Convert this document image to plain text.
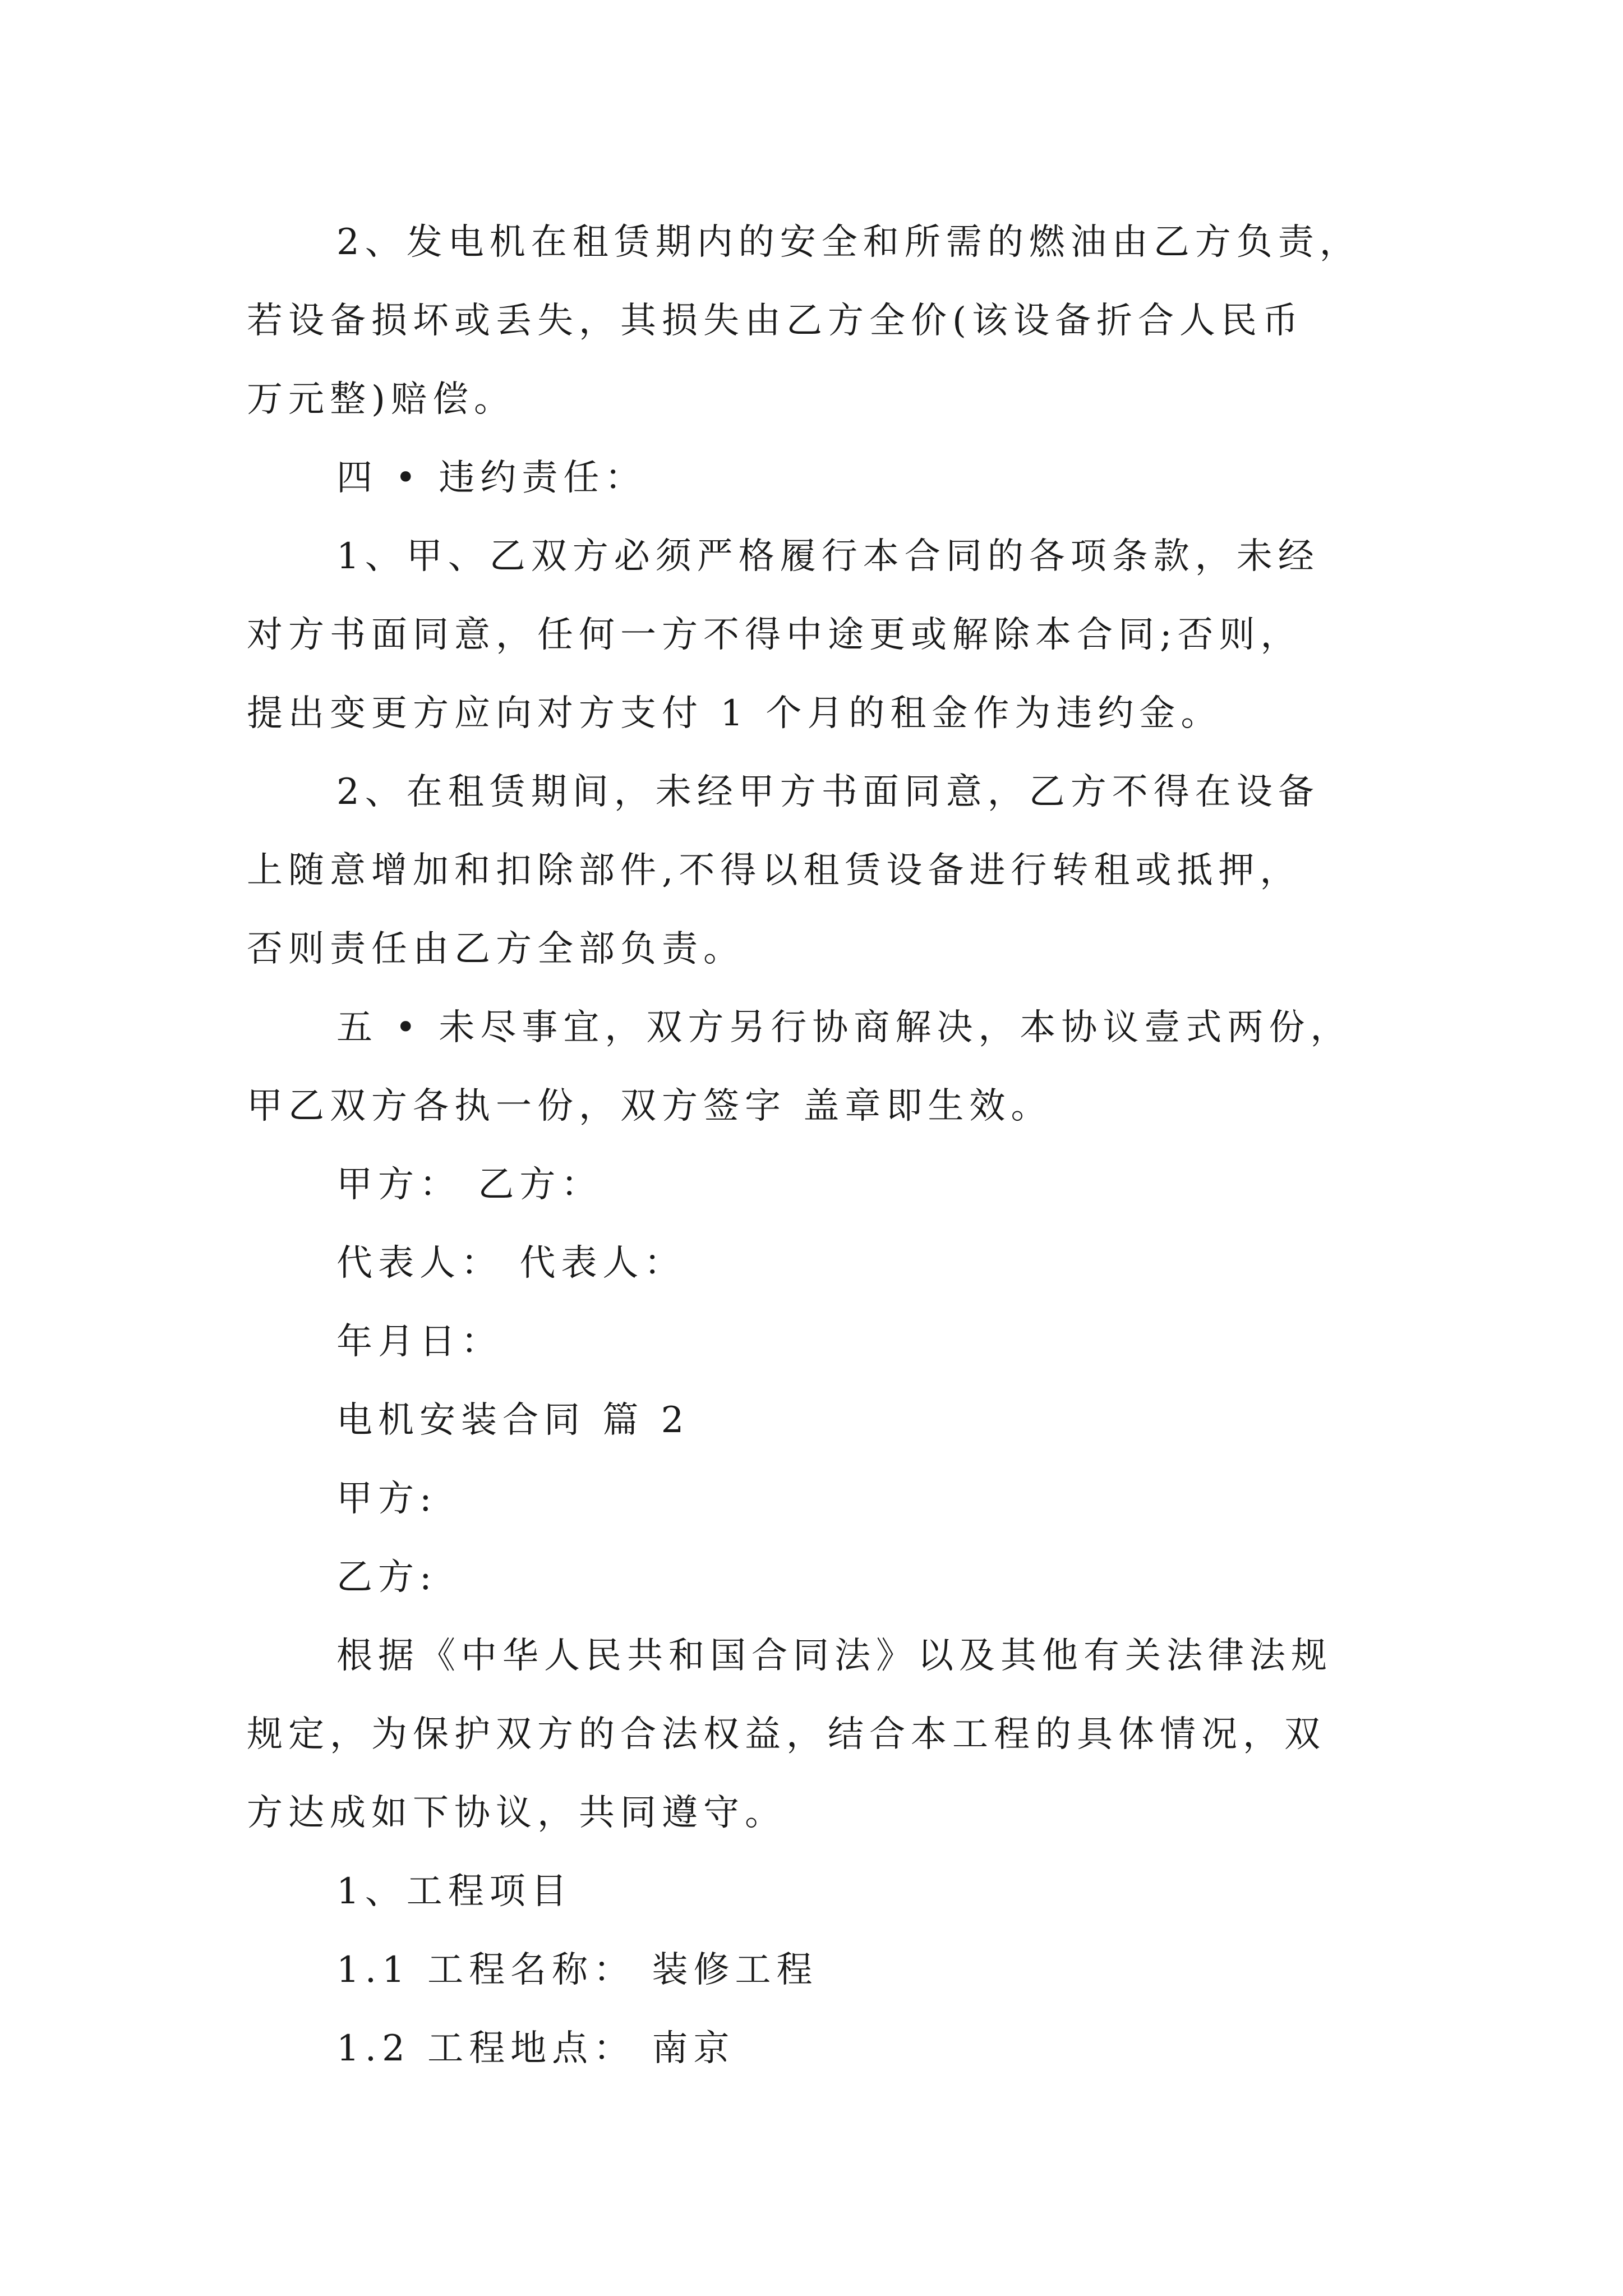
2、发电机在租赁期内的安全和所需的燃油由乙方负责，
若设备损坏或丢失，其损失由乙方全价(该设备折合人民币
万元整)赔偿。
四 • 违约责任：
1、甲、乙双方必须严格履行本合同的各项条款，未经
对方书面同意，任何一方不得中途更或解除本合同;否则，
提出变更方应向对方支付 1 个月的租金作为违约金。
2、在租赁期间，未经甲方书面同意，乙方不得在设备
上随意增加和扣除部件,不得以租赁设备进行转租或抵押，
否则责任由乙方全部负责。
五 • 未尽事宜，双方另行协商解决，本协议壹式两份，
甲乙双方各执一份，双方签字 盖章即生效。
甲方： 乙方：
代表人： 代表人：
年月日：
电机安装合同 篇 2
甲方:
乙方:
根据《中华人民共和国合同法》以及其他有关法律法规
规定，为保护双方的合法权益，结合本工程的具体情况，双
方达成如下协议，共同遵守。
1、工程项目
1.1 工程名称： 装修工程
1.2 工程地点： 南京
